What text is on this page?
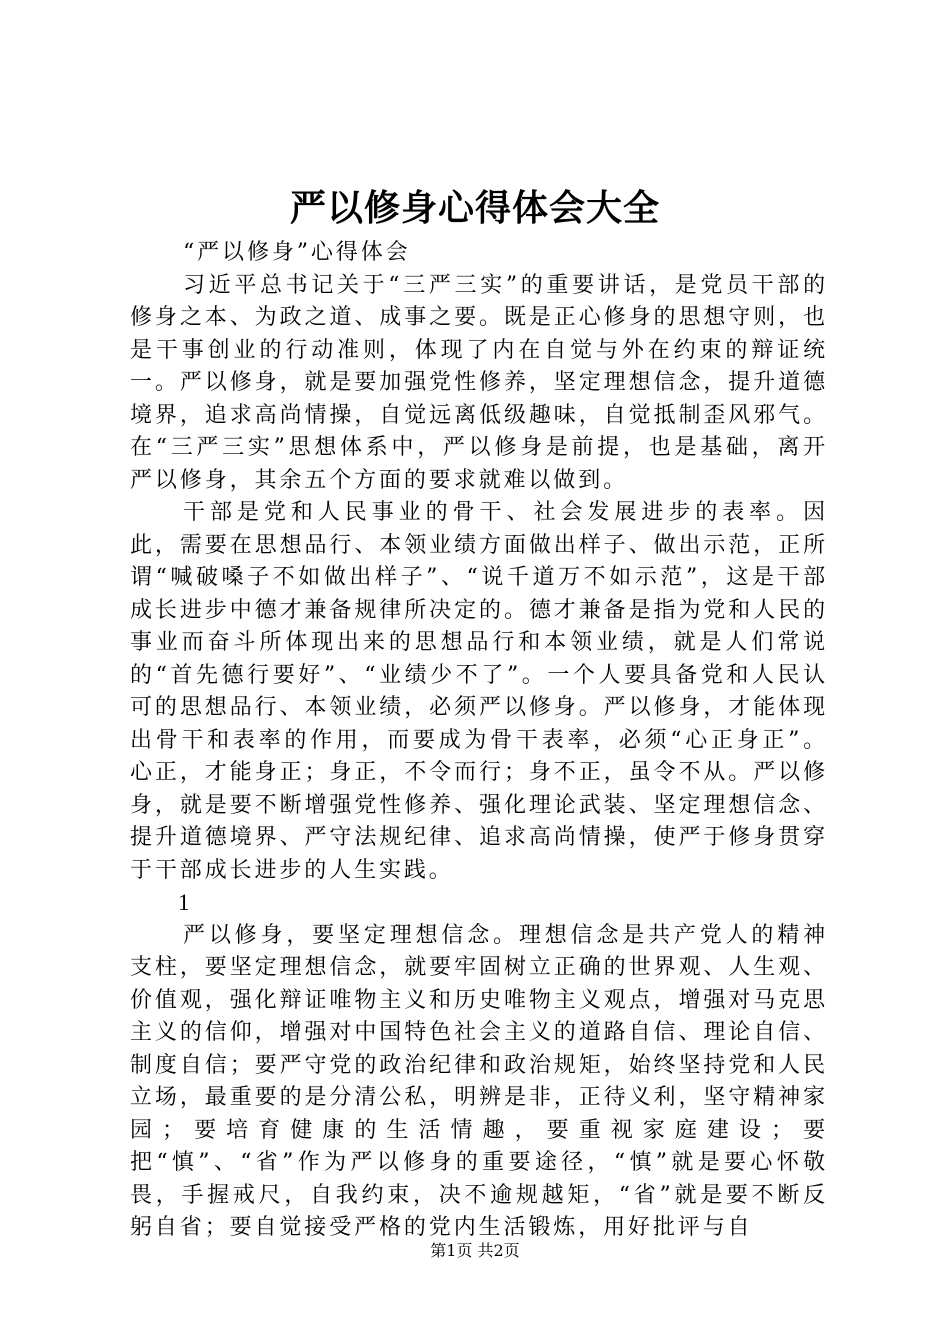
严以修身心得体会大全

“严以修身”心得体会

习近平总书记关于“三严三实”的重要讲话，是党员干部的修身之本、为政之道、成事之要。既是正心修身的思想守则，也是干事创业的行动准则，体现了内在自觉与外在约束的辩证统一。严以修身，就是要加强党性修养，坚定理想信念，提升道德境界，追求高尚情操，自觉远离低级趣味，自觉抵制歪风邪气。在“三严三实”思想体系中，严以修身是前提，也是基础，离开严以修身，其余五个方面的要求就难以做到。

干部是党和人民事业的骨干、社会发展进步的表率。因此，需要在思想品行、本领业绩方面做出样子、做出示范，正所谓“喊破嗓子不如做出样子”、“说千道万不如示范”，这是干部成长进步中德才兼备规律所决定的。德才兼备是指为党和人民的事业而奋斗所体现出来的思想品行和本领业绩，就是人们常说的“首先德行要好”、“业绩少不了”。一个人要具备党和人民认可的思想品行、本领业绩，必须严以修身。严以修身，才能体现出骨干和表率的作用，而要成为骨干表率，必须“心正身正”。心正，才能身正；身正，不令而行；身不正，虽令不从。严以修身，就是要不断增强党性修养、强化理论武装、坚定理想信念、提升道德境界、严守法规纪律、追求高尚情操，使严于修身贯穿于干部成长进步的人生实践。

1

严以修身，要坚定理想信念。理想信念是共产党人的精神支柱，要坚定理想信念，就要牢固树立正确的世界观、人生观、价值观，强化辩证唯物主义和历史唯物主义观点，增强对马克思主义的信仰，增强对中国特色社会主义的道路自信、理论自信、制度自信；要严守党的政治纪律和政治规矩，始终坚持党和人民立场，最重要的是分清公私，明辨是非，正待义利，坚守精神家园；要培育健康的生活情趣，要重视家庭建设；要把“慎”、“省”作为严以修身的重要途径，“慎”就是要心怀敬畏，手握戒尺，自我约束，决不逾规越矩，“省”就是要不断反躬自省；要自觉接受严格的党内生活锻炼，用好批评与自

第1页 共2页
